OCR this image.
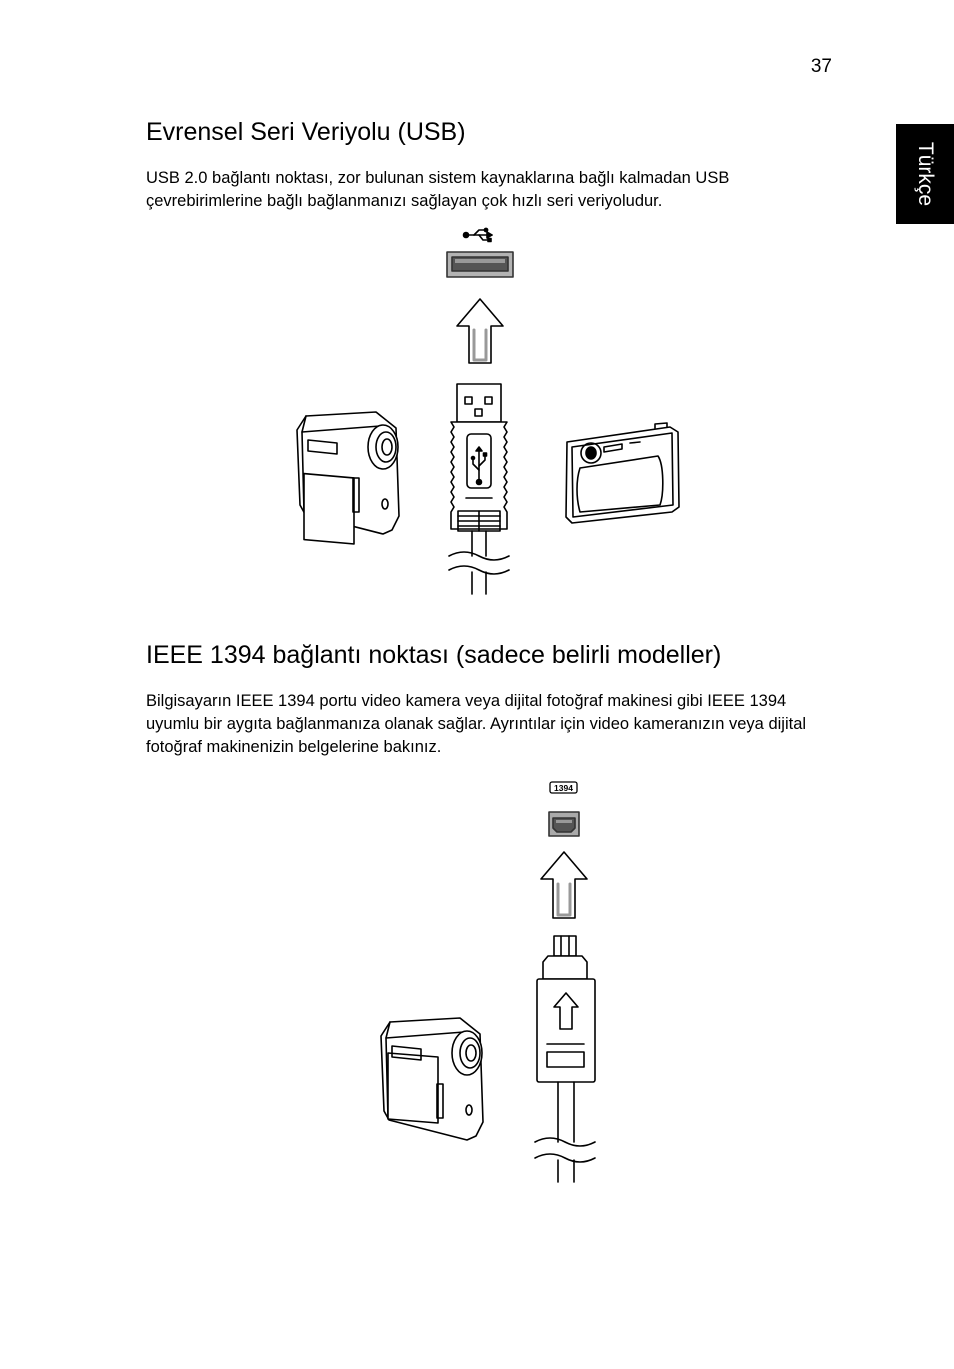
37
Türkçe
Evrensel Seri Veriyolu (USB)

USB 2.0 bağlantı noktası, zor bulunan sistem kaynaklarına bağlı kalmadan USB çevrebirimlerine bağlı bağlanmanızı sağlayan çok hızlı seri veriyoludur.

IEEE 1394 bağlantı noktası (sadece belirli modeller)

Bilgisayarın IEEE 1394 portu video kamera veya dijital fotoğraf makinesi gibi IEEE 1394 uyumlu bir aygıta bağlanmanıza olanak sağlar. Ayrıntılar için video kameranızın veya dijital fotoğraf makinenizin belgelerine bakınız.

1394
